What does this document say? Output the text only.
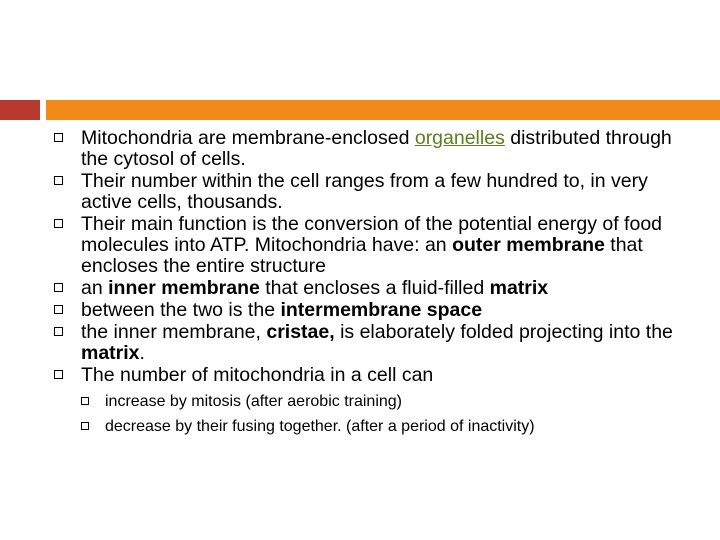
Mitochondria are membrane-enclosed organelles distributed through the cytosol of cells.
Their number within the cell ranges from a few hundred to, in very active cells, thousands.
Their main function is the conversion of the potential energy of food molecules into ATP. Mitochondria have: an outer membrane that encloses the entire structure
an inner membrane that encloses a fluid-filled matrix
between the two is the intermembrane space
the inner membrane, cristae, is elaborately folded projecting into the matrix.
The number of mitochondria in a cell can
increase by mitosis (after aerobic training)
decrease by their fusing together. (after a period of inactivity)
